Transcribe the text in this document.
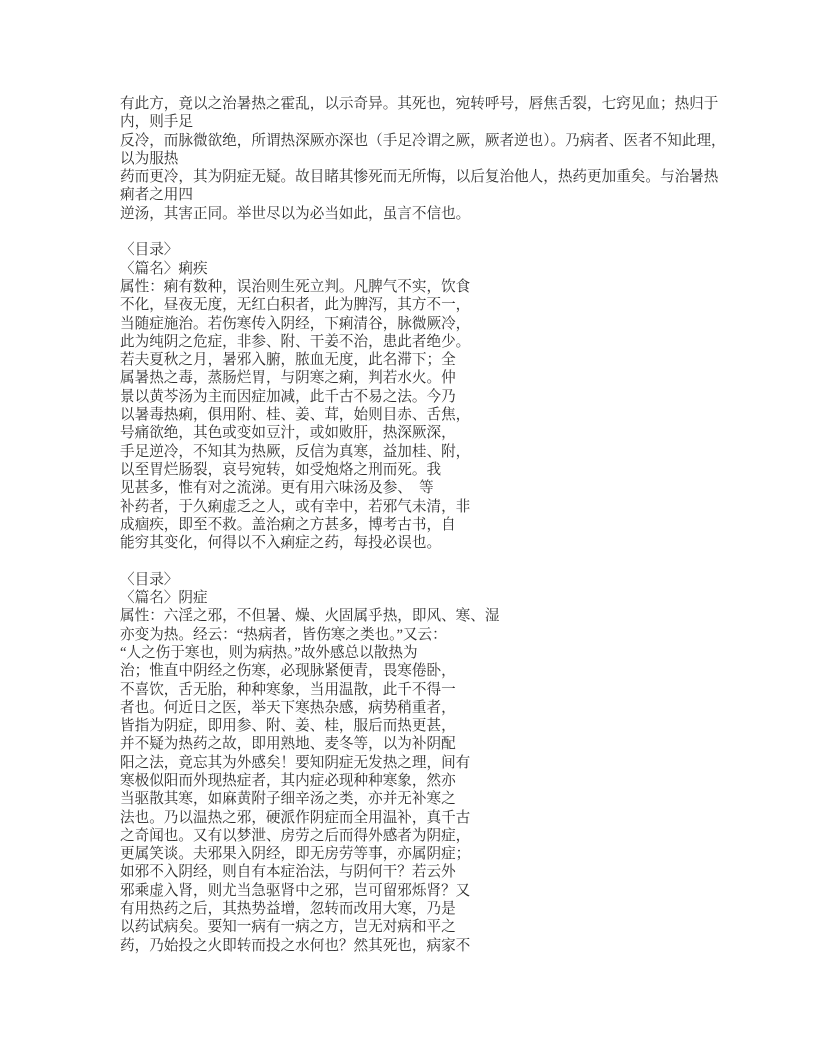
有此方，竟以之治暑热之霍乱，以示奇异。其死也，宛转呼号，唇焦舌裂，七窍见血；热归于
内，则手足
反冷，而脉微欲绝，所谓热深厥亦深也（手足冷谓之厥，厥者逆也）。乃病者、医者不知此理，
以为服热
药而更冷，其为阴症无疑。故目睹其惨死而无所悔，以后复治他人，热药更加重矣。与治暑热
痢者之用四
逆汤，其害正同。举世尽以为必当如此，虽言不信也。
〈目录〉
〈篇名〉痢疾
属性：痢有数种，误治则生死立判。凡脾气不实，饮食
不化，昼夜无度，无红白积者，此为脾泻，其方不一，
当随症施治。若伤寒传入阴经，下痢清谷，脉微厥冷，
此为纯阴之危症，非参、附、干姜不治，患此者绝少。
若夫夏秋之月，暑邪入腑，脓血无度，此名滞下；全
属暑热之毒，蒸肠烂胃，与阴寒之痢，判若水火。仲
景以黄芩汤为主而因症加减，此千古不易之法。今乃
以暑毒热痢，俱用附、桂、姜、茸，始则目赤、舌焦，
号痛欲绝，其色或变如豆汁，或如败肝，热深厥深，
手足逆冷，不知其为热厥，反信为真寒，益加桂、附，
以至胃烂肠裂，哀号宛转，如受炮烙之刑而死。我
见甚多，惟有对之流涕。更有用六味汤及参、　等
补药者，于久痢虚乏之人，或有幸中，若邪气未清，非
成痼疾，即至不救。盖治痢之方甚多，博考古书，自
能穷其变化，何得以不入痢症之药，每投必误也。
〈目录〉
〈篇名〉阴症
属性：六淫之邪，不但暑、燥、火固属乎热，即风、寒、湿
亦变为热。经云：“热病者，皆伤寒之类也。”又云：
“人之伤于寒也，则为病热。”故外感总以散热为
治；惟直中阴经之伤寒，必现脉紧便青，畏寒倦卧，
不喜饮，舌无胎，种种寒象，当用温散，此千不得一
者也。何近日之医，举天下寒热杂感，病势稍重者，
皆指为阴症，即用参、附、姜、桂，服后而热更甚，
并不疑为热药之故，即用熟地、麦冬等，以为补阴配
阳之法，竟忘其为外感矣！要知阴症无发热之理，间有
寒极似阳而外现热症者，其内症必现种种寒象，然亦
当驱散其寒，如麻黄附子细辛汤之类，亦并无补寒之
法也。乃以温热之邪，硬派作阴症而全用温补，真千古
之奇闻也。又有以梦泄、房劳之后而得外感者为阴症，
更属笑谈。夫邪果入阴经，即无房劳等事，亦属阴症；
如邪不入阴经，则自有本症治法，与阴何干？若云外
邪乘虚入肾，则尤当急驱肾中之邪，岂可留邪烁肾？又
有用热药之后，其热势益增，忽转而改用大寒，乃是
以药试病矣。要知一病有一病之方，岂无对病和平之
药，乃始投之火即转而投之水何也？然其死也，病家不
